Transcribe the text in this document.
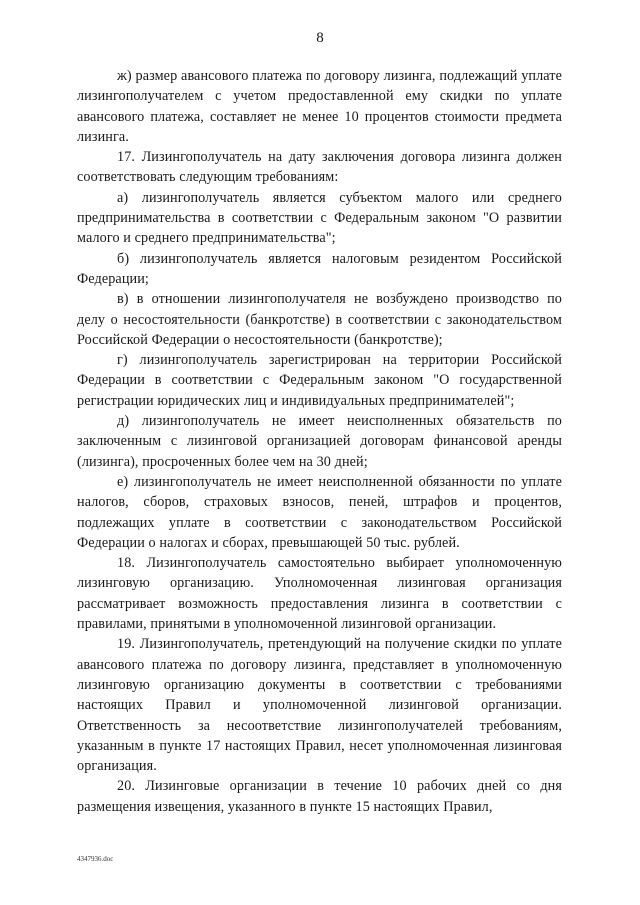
8

ж) размер авансового платежа по договору лизинга, подлежащий уплате лизингополучателем с учетом предоставленной ему скидки по уплате авансового платежа, составляет не менее 10 процентов стоимости предмета лизинга.

17. Лизингополучатель на дату заключения договора лизинга должен соответствовать следующим требованиям:

а) лизингополучатель является субъектом малого или среднего предпринимательства в соответствии с Федеральным законом "О развитии малого и среднего предпринимательства";

б) лизингополучатель является налоговым резидентом Российской Федерации;

в) в отношении лизингополучателя не возбуждено производство по делу о несостоятельности (банкротстве) в соответствии с законодательством Российской Федерации о несостоятельности (банкротстве);

г) лизингополучатель зарегистрирован на территории Российской Федерации в соответствии с Федеральным законом "О государственной регистрации юридических лиц и индивидуальных предпринимателей";

д) лизингополучатель не имеет неисполненных обязательств по заключенным с лизинговой организацией договорам финансовой аренды (лизинга), просроченных более чем на 30 дней;

е) лизингополучатель не имеет неисполненной обязанности по уплате налогов, сборов, страховых взносов, пеней, штрафов и процентов, подлежащих уплате в соответствии с законодательством Российской Федерации о налогах и сборах, превышающей 50 тыс. рублей.

18. Лизингополучатель самостоятельно выбирает уполномоченную лизинговую организацию. Уполномоченная лизинговая организация рассматривает возможность предоставления лизинга в соответствии с правилами, принятыми в уполномоченной лизинговой организации.

19. Лизингополучатель, претендующий на получение скидки по уплате авансового платежа по договору лизинга, представляет в уполномоченную лизинговую организацию документы в соответствии с требованиями настоящих Правил и уполномоченной лизинговой организации. Ответственность за несоответствие лизингополучателей требованиям, указанным в пункте 17 настоящих Правил, несет уполномоченная лизинговая организация.

20. Лизинговые организации в течение 10 рабочих дней со дня размещения извещения, указанного в пункте 15 настоящих Правил,

4347936.doc
